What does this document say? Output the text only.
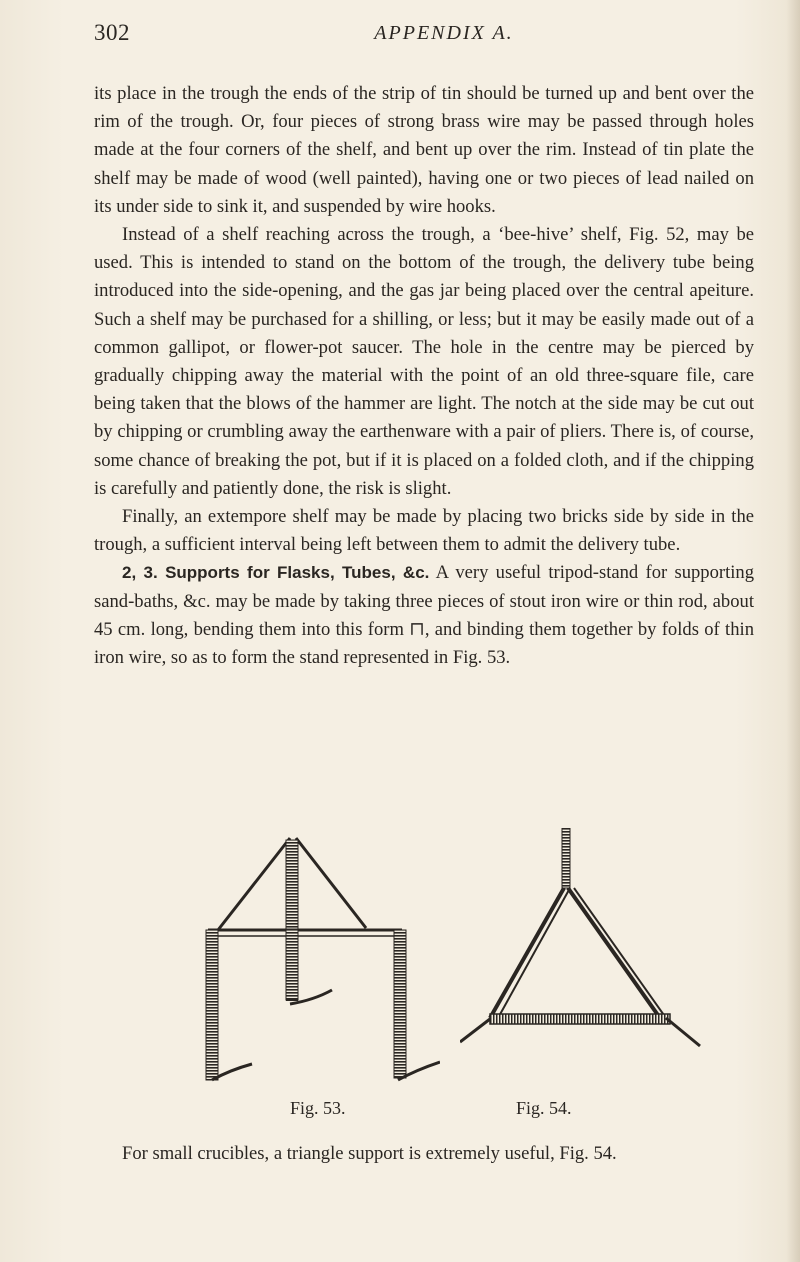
302	APPENDIX A.

its place in the trough the ends of the strip of tin should be turned up and bent over the rim of the trough. Or, four pieces of strong brass wire may be passed through holes made at the four corners of the shelf, and bent up over the rim. Instead of tin plate the shelf may be made of wood (well painted), having one or two pieces of lead nailed on its under side to sink it, and suspended by wire hooks.

Instead of a shelf reaching across the trough, a ‘bee-hive’ shelf, Fig. 52, may be used. This is intended to stand on the bottom of the trough, the delivery tube being introduced into the side-opening, and the gas jar being placed over the central apeiture. Such a shelf may be purchased for a shilling, or less; but it may be easily made out of a common gallipot, or flower-pot saucer. The hole in the centre may be pierced by gradually chipping away the material with the point of an old three-square file, care being taken that the blows of the hammer are light. The notch at the side may be cut out by chipping or crumbling away the earthenware with a pair of pliers. There is, of course, some chance of breaking the pot, but if it is placed on a folded cloth, and if the chipping is carefully and patiently done, the risk is slight.

Finally, an extempore shelf may be made by placing two bricks side by side in the trough, a sufficient interval being left between them to admit the delivery tube.

2, 3. Supports for Flasks, Tubes, &c. A very useful tripod-stand for supporting sand-baths, &c. may be made by taking three pieces of stout iron wire or thin rod, about 45 cm. long, bending them into this form ⊓, and binding them together by folds of thin iron wire, so as to form the stand represented in Fig. 53.

Fig. 53.	Fig. 54.
For small crucibles, a triangle support is extremely useful, Fig. 54.
